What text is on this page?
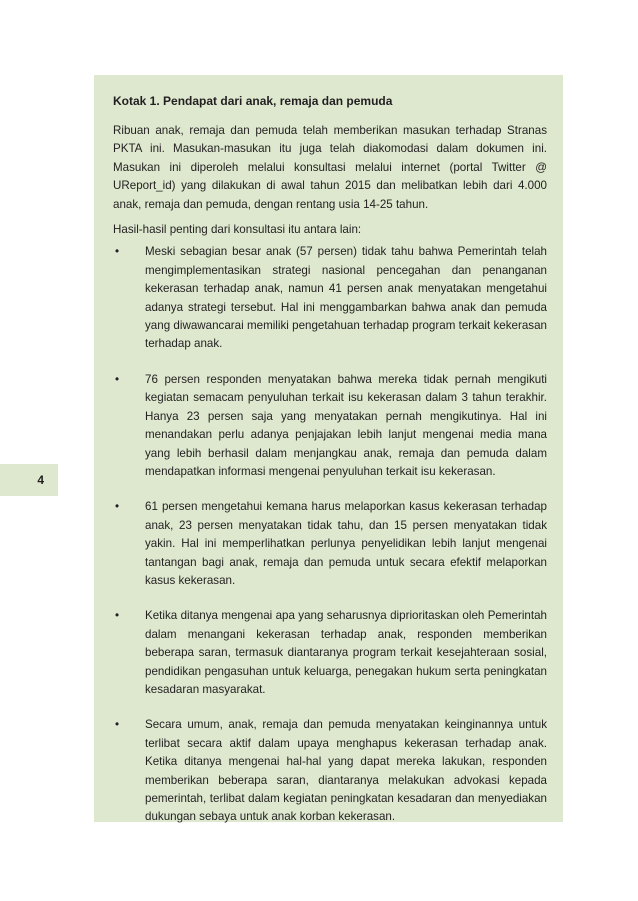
4
Kotak 1. Pendapat dari anak, remaja dan pemuda

Ribuan anak, remaja dan pemuda telah memberikan masukan terhadap Stranas PKTA ini. Masukan-masukan itu juga telah diakomodasi dalam dokumen ini. Masukan ini diperoleh melalui konsultasi melalui internet (portal Twitter @ UReport_id) yang dilakukan di awal tahun 2015 dan melibatkan lebih dari 4.000 anak, remaja dan pemuda, dengan rentang usia 14-25 tahun.

Hasil-hasil penting dari konsultasi itu antara lain:

• Meski sebagian besar anak (57 persen) tidak tahu bahwa Pemerintah telah mengimplementasikan strategi nasional pencegahan dan penanganan kekerasan terhadap anak, namun 41 persen anak menyatakan mengetahui adanya strategi tersebut. Hal ini menggambarkan bahwa anak dan pemuda yang diwawancarai memiliki pengetahuan terhadap program terkait kekerasan terhadap anak.
• 76 persen responden menyatakan bahwa mereka tidak pernah mengikuti kegiatan semacam penyuluhan terkait isu kekerasan dalam 3 tahun terakhir. Hanya 23 persen saja yang menyatakan pernah mengikutinya. Hal ini menandakan perlu adanya penjajakan lebih lanjut mengenai media mana yang lebih berhasil dalam menjangkau anak, remaja dan pemuda dalam mendapatkan informasi mengenai penyuluhan terkait isu kekerasan.
• 61 persen mengetahui kemana harus melaporkan kasus kekerasan terhadap anak, 23 persen menyatakan tidak tahu, dan 15 persen menyatakan tidak yakin. Hal ini memperlihatkan perlunya penyelidikan lebih lanjut mengenai tantangan bagi anak, remaja dan pemuda untuk secara efektif melaporkan kasus kekerasan.
• Ketika ditanya mengenai apa yang seharusnya diprioritaskan oleh Pemerintah dalam menangani kekerasan terhadap anak, responden memberikan beberapa saran, termasuk diantaranya program terkait kesejahteraan sosial, pendidikan pengasuhan untuk keluarga, penegakan hukum serta peningkatan kesadaran masyarakat.
• Secara umum, anak, remaja dan pemuda menyatakan keinginannya untuk terlibat secara aktif dalam upaya menghapus kekerasan terhadap anak. Ketika ditanya mengenai hal-hal yang dapat mereka lakukan, responden memberikan beberapa saran, diantaranya melakukan advokasi kepada pemerintah, terlibat dalam kegiatan peningkatan kesadaran dan menyediakan dukungan sebaya untuk anak korban kekerasan.
